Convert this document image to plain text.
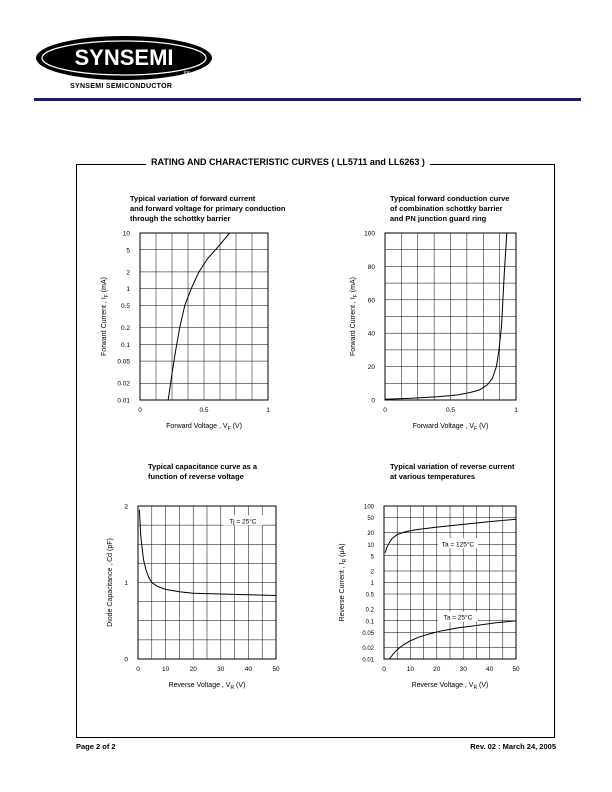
SYNSEMI
inc
SYNSEMI SEMICONDUCTOR
RATING AND CHARACTERISTIC CURVES ( LL5711 and LL6263 )
Typical variation of forward current
and forward voltage for primary conduction
through the schottky barrier
Typical forward conduction curve
of combination schottky barrier
and PN junction guard ring
Typical capacitance curve as a
function of reverse voltage
Typical variation of reverse current
at various temperatures
0.01
0.02
0.05
0.1
0.2
0.5
1
2
5
10
0	0.5	1
Forward Voltage , $V_F$ (V)
Forward Current , $I_F$ (mA)
0
20
40
60
80
100
0	0.5	1
Forward Voltage , $V_F$ (V)
Forward Current , $I_F$ (mA)
0
1
2
0	10	20	30	40	50
Reverse Voltage , $V_R$ (V)
Diode Capacitance , Cd (pF)
Tj = 25°C
0.01
0.02
0.05
0.1
0.2
0.5
1
2
5
10
20
50
100
0	10	20	30	40	50
Reverse Voltage , $V_R$ (V)
Reverse Current , $I_R$ (μA)	Ta = 125°C
Ta = 25°C
Page 2 of 2	Rev. 02 : March 24, 2005
